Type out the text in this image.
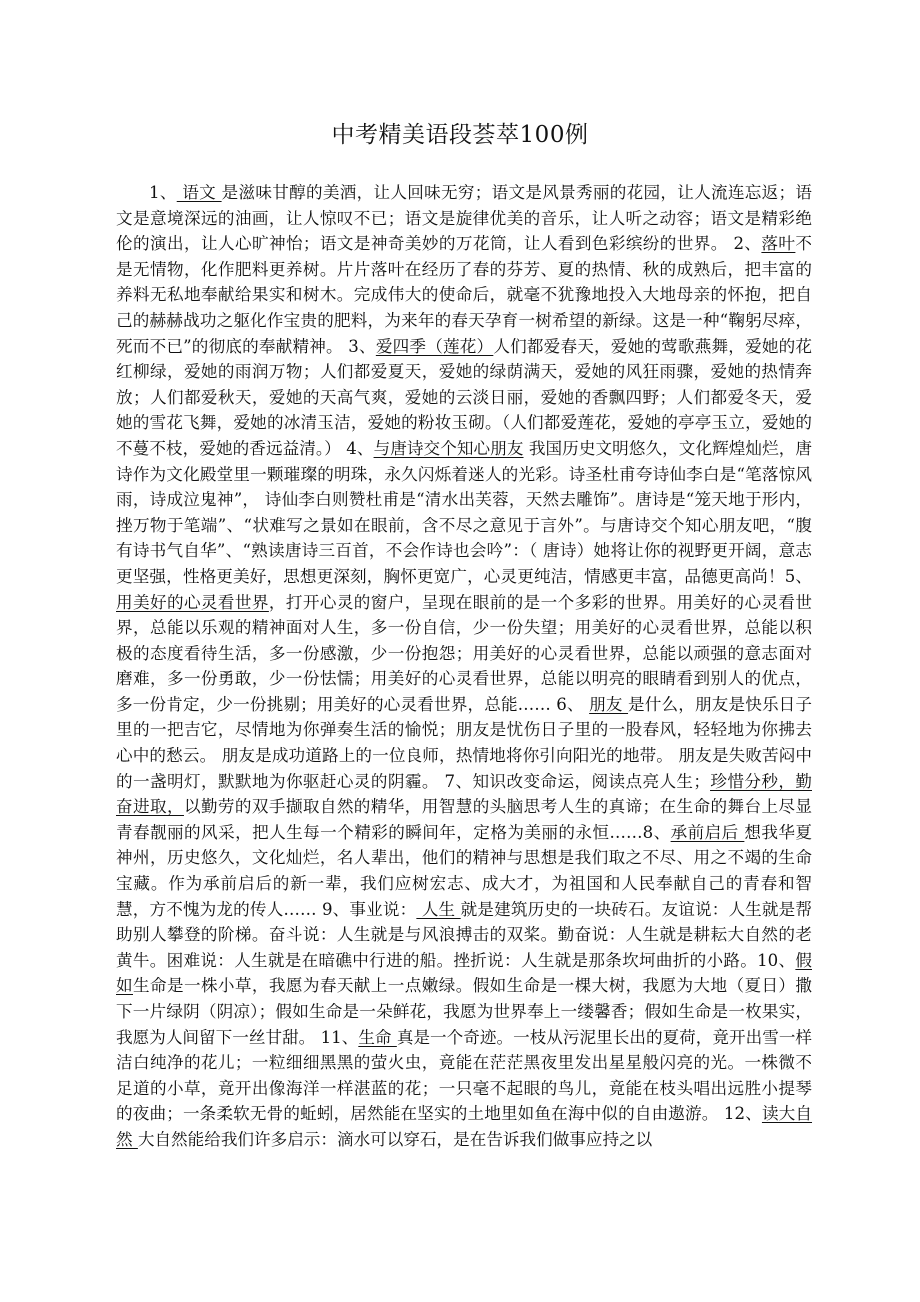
中考精美语段荟萃100例

1、 语文 是滋味甘醇的美酒，让人回味无穷；语文是风景秀丽的花园，让人流连忘返；语文是意境深远的油画，让人惊叹不已；语文是旋律优美的音乐，让人听之动容；语文是精彩绝伦的演出，让人心旷神怡；语文是神奇美妙的万花筒，让人看到色彩缤纷的世界。 2、落叶不是无情物，化作肥料更养树。片片落叶在经历了春的芬芳、夏的热情、秋的成熟后，把丰富的养料无私地奉献给果实和树木。完成伟大的使命后，就毫不犹豫地投入大地母亲的怀抱，把自己的赫赫战功之躯化作宝贵的肥料，为来年的春天孕育一树希望的新绿。这是一种“鞠躬尽瘁，死而不已”的彻底的奉献精神。 3、爱四季（莲花）人们都爱春天，爱她的莺歌燕舞，爱她的花红柳绿，爱她的雨润万物；人们都爱夏天，爱她的绿荫满天，爱她的风狂雨骤，爱她的热情奔放；人们都爱秋天，爱她的天高气爽，爱她的云淡日丽，爱她的香飘四野；人们都爱冬天，爱她的雪花飞舞，爱她的冰清玉洁，爱她的粉妆玉砌。（人们都爱莲花，爱她的亭亭玉立，爱她的不蔓不枝，爱她的香远益清。） 4、与唐诗交个知心朋友 我国历史文明悠久，文化辉煌灿烂，唐诗作为文化殿堂里一颗璀璨的明珠，永久闪烁着迷人的光彩。诗圣杜甫夸诗仙李白是“笔落惊风雨，诗成泣鬼神”， 诗仙李白则赞杜甫是“清水出芙蓉，天然去雕饰”。唐诗是“笼天地于形内，挫万物于笔端”、“状难写之景如在眼前，含不尽之意见于言外”。与唐诗交个知心朋友吧，“腹有诗书气自华”、“熟读唐诗三百首，不会作诗也会吟”：（ 唐诗）她将让你的视野更开阔，意志更坚强，性格更美好，思想更深刻，胸怀更宽广，心灵更纯洁，情感更丰富，品德更高尚！5、用美好的心灵看世界，打开心灵的窗户，呈现在眼前的是一个多彩的世界。用美好的心灵看世界，总能以乐观的精神面对人生，多一份自信，少一份失望；用美好的心灵看世界，总能以积极的态度看待生活，多一份感激，少一份抱怨；用美好的心灵看世界，总能以顽强的意志面对磨难，多一份勇敢，少一份怯懦；用美好的心灵看世界，总能以明亮的眼睛看到别人的优点，多一份肯定，少一份挑剔；用美好的心灵看世界，总能…… 6、 朋友 是什么，朋友是快乐日子里的一把吉它，尽情地为你弹奏生活的愉悦；朋友是忧伤日子里的一股春风，轻轻地为你拂去心中的愁云。 朋友是成功道路上的一位良师，热情地将你引向阳光的地带。 朋友是失败苦闷中的一盏明灯，默默地为你驱赶心灵的阴霾。 7、知识改变命运，阅读点亮人生；珍惜分秒，勤奋进取，以勤劳的双手撷取自然的精华，用智慧的头脑思考人生的真谛；在生命的舞台上尽显青春靓丽的风采，把人生每一个精彩的瞬间年，定格为美丽的永恒……8、承前启后 想我华夏神州，历史悠久，文化灿烂，名人辈出，他们的精神与思想是我们取之不尽、用之不竭的生命宝藏。作为承前启后的新一辈，我们应树宏志、成大才，为祖国和人民奉献自己的青春和智慧，方不愧为龙的传人…… 9、事业说： 人生 就是建筑历史的一块砖石。友谊说：人生就是帮助别人攀登的阶梯。奋斗说：人生就是与风浪搏击的双桨。勤奋说：人生就是耕耘大自然的老黄牛。困难说：人生就是在暗礁中行进的船。挫折说：人生就是那条坎坷曲折的小路。10、假如生命是一株小草，我愿为春天献上一点嫩绿。假如生命是一棵大树，我愿为大地（夏日）撒下一片绿阴（阴凉）；假如生命是一朵鲜花，我愿为世界奉上一缕馨香；假如生命是一枚果实，我愿为人间留下一丝甘甜。 11、生命 真是一个奇迹。一枝从污泥里长出的夏荷，竟开出雪一样洁白纯净的花儿；一粒细细黑黑的萤火虫，竟能在茫茫黑夜里发出星星般闪亮的光。一株微不足道的小草，竟开出像海洋一样湛蓝的花；一只毫不起眼的鸟儿，竟能在枝头唱出远胜小提琴的夜曲；一条柔软无骨的蚯蚓，居然能在坚实的土地里如鱼在海中似的自由遨游。 12、读大自然 大自然能给我们许多启示：滴水可以穿石，是在告诉我们做事应持之以
